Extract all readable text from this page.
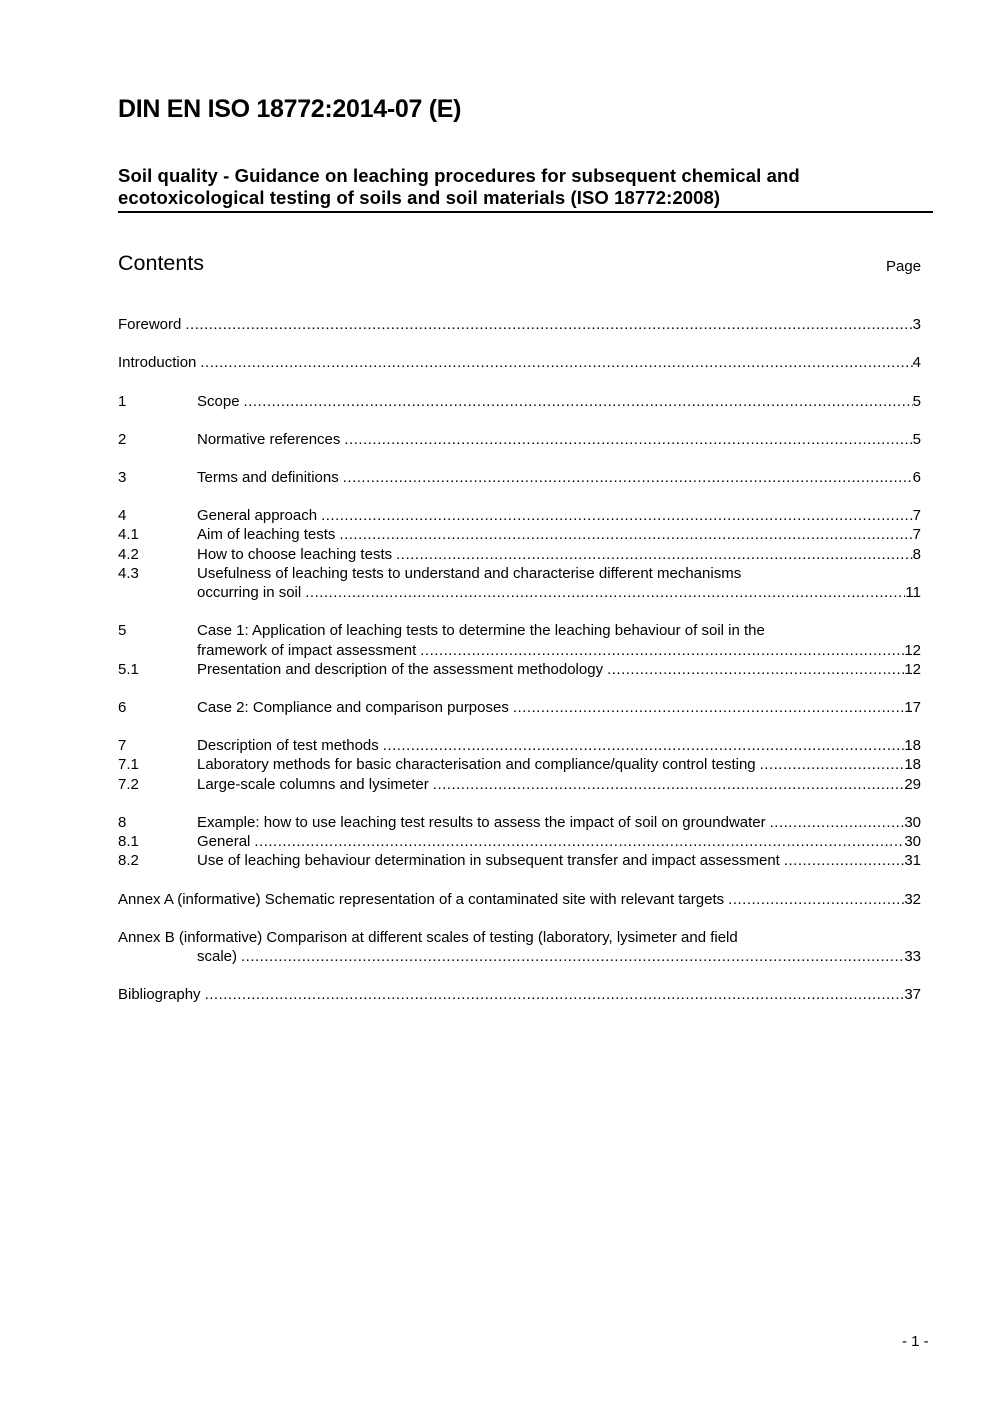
DIN EN ISO 18772:2014-07 (E)
Soil quality - Guidance on leaching procedures for subsequent chemical and
ecotoxicological testing of soils and soil materials (ISO 18772:2008)
Contents	Page
Foreword .....	3
Introduction .....	4
1	Scope .....	5
2	Normative references .....	5
3	Terms and definitions .....	6
4	General approach .....	7
4.1	Aim of leaching tests .....	7
4.2	How to choose leaching tests .....	8
4.3	Usefulness of leaching tests to understand and characterise different mechanisms
occurring in soil .....	11
5	Case 1: Application of leaching tests to determine the leaching behaviour of soil in the
framework of impact assessment .....	12
5.1	Presentation and description of the assessment methodology .....	12
6	Case 2: Compliance and comparison purposes .....	17
7	Description of test methods .....	18
7.1	Laboratory methods for basic characterisation and compliance/quality control testing .....	18
7.2	Large-scale columns and lysimeter .....	29
8	Example: how to use leaching test results to assess the impact of soil on groundwater .....	30
8.1	General .....	30
8.2	Use of leaching behaviour determination in subsequent transfer and impact assessment .....	31
Annex A (informative) Schematic representation of a contaminated site with relevant targets .....	32
Annex B (informative) Comparison at different scales of testing (laboratory, lysimeter and field
scale) .....	33
Bibliography .....	37
- 1 -
